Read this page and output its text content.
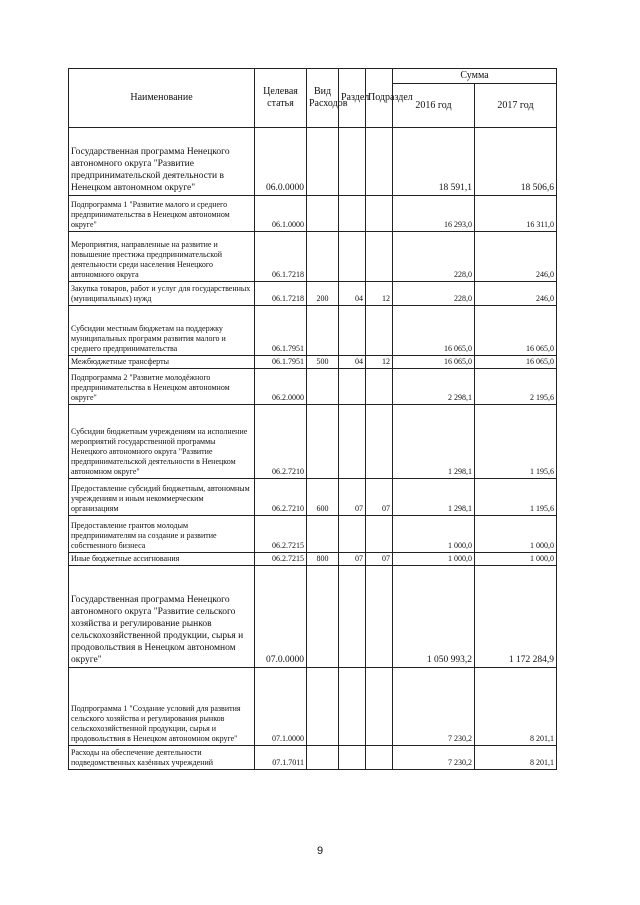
Наименование	Целевая статья	Вид Расходов	Раздел	Подраздел	Сумма	
					2016 год	2017 год
Государственная программа Ненецкого автономного округа "Развитие предпринимательской деятельности в Ненецком автономном округе"	06.0.0000				18 591,1	18 506,6
Подпрограмма 1 "Развитие малого и среднего предпринимательства в Ненецком автономном округе"	06.1.0000				16 293,0	16 311,0
Мероприятия, направленные на развитие и повышение престижа предпринимательской деятельности среди населения Ненецкого автономного округа	06.1.7218				228,0	246,0
Закупка товаров, работ и услуг для государственных (муниципальных) нужд	06.1.7218	200	04	12	228,0	246,0
Субсидии местным бюджетам на поддержку муниципальных программ развития малого и среднего предпринимательства	06.1.7951				16 065,0	16 065,0
Межбюджетные трансферты	06.1.7951	500	04	12	16 065,0	16 065,0
Подпрограмма 2 "Развитие молодёжного предпринимательства в Ненецком автономном округе"	06.2.0000				2 298,1	2 195,6
Субсидии бюджетным учреждениям на исполнение мероприятий государственной программы Ненецкого автономного округа "Развитие предпринимательской деятельности в Ненецком автономном округе"	06.2.7210				1 298,1	1 195,6
Предоставление субсидий бюджетным, автономным учреждениям и иным некоммерческим организациям	06.2.7210	600	07	07	1 298,1	1 195,6
Предоставление грантов молодым предпринимателям на создание и развитие собственного бизнеса	06.2.7215				1 000,0	1 000,0
Иные бюджетные ассигнования	06.2.7215	800	07	07	1 000,0	1 000,0
Государственная программа Ненецкого автономного округа "Развитие сельского хозяйства и регулирование рынков сельскохозяйственной продукции, сырья и продовольствия в Ненецком автономном округе"	07.0.0000				1 050 993,2	1 172 284,9
Подпрограмма 1 "Создание условий для развития сельского хозяйства и регулирования рынков сельскохозяйственной продукции, сырья и продовольствия в Ненецком автономном округе"	07.1.0000				7 230,2	8 201,1
Расходы на обеспечение деятельности подведомственных казённых учреждений	07.1.7011				7 230,2	8 201,1
9
